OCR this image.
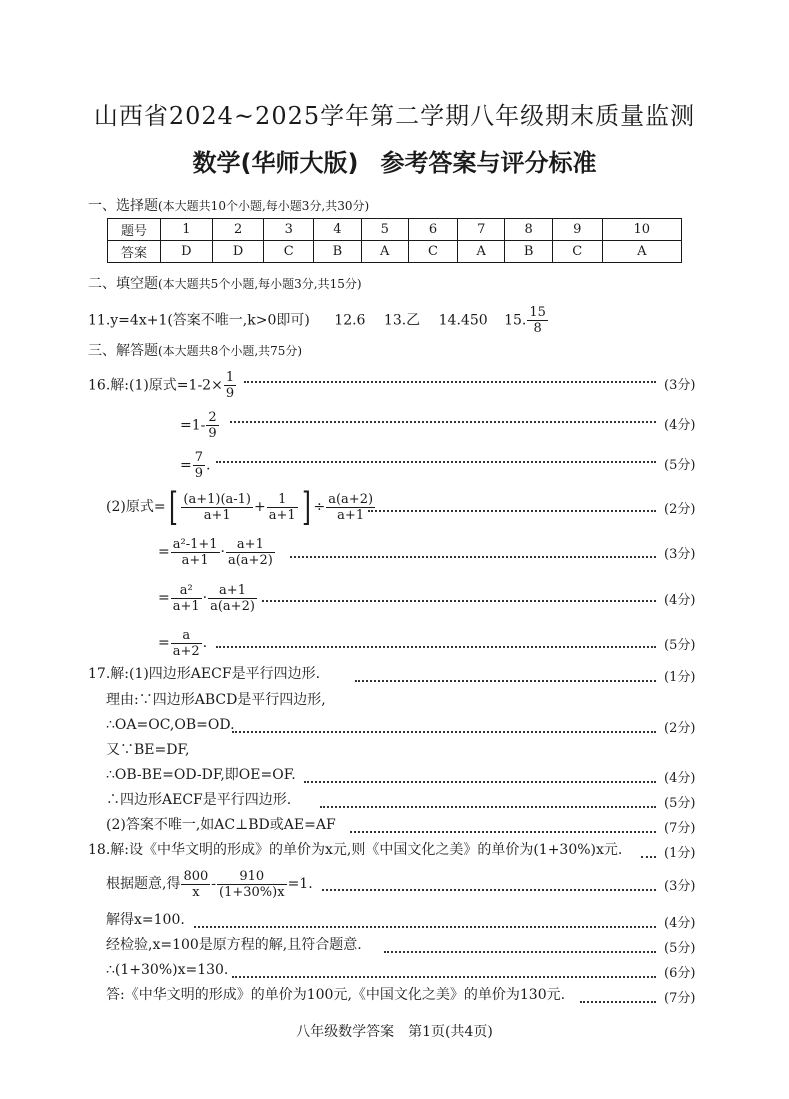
山西省2024~2025学年第二学期八年级期末质量监测
数学(华师大版) 参考答案与评分标准
一、选择题(本大题共10个小题,每小题3分,共30分)
题号	1	2	3	4	5	6	7	8	9	10
答案	D	D	C	B	A	C	A	B	C	A
二、填空题(本大题共5个小题,每小题3分,共15分)
11.y=4x+1(答案不唯一,k>0即可) 12.6 13.乙 14.450 15. $\frac{15}{8}$
三、解答题(本大题共8个小题,共75分)
16.解:(1)原式$=1-2\times \frac{1}{9}$	(3分)
$=1- \frac{2}{9}$	(4分)
= $\frac{7}{9}$ .	(5分)
(2)原式=[ $\frac{(a+1)(a-1)}{a+1} + \frac{1}{a+1}$ ] ÷ $\frac{a(a+2)}{a+1}$	(2分)
= $\frac{\text{a²-1+1}}{a+1} \cdot \frac{a+1}{a(a+2)}$	(3分)
= $\frac{\text{a²}}{a+1} \cdot \frac{a+1}{a(a+2)}$	(4分)
= $\frac{a}{a+2}$ .	(5分)
17.解:(1)四边形AECF是平行四边形.	(1分)
理由:∵四边形ABCD是平行四边形,
∴OA=OC,OB=OD.	(2分)
又∵BE=DF,
∴OB-BE=OD-DF,即OE=OF.	(4分)
∴四边形AECF是平行四边形.	(5分)
(2)答案不唯一,如AC⊥BD或AE=AF	(7分)
18.解:设《中华文明的形成》的单价为x元,则《中国文化之美》的单价为(1+30%)x元.	(1分)
根据题意,得 $\frac{800}{x} - \frac{910}{(1+30\%)x} =1$.	(3分)
解得x=100.	(4分)
经检验,x=100是原方程的解,且符合题意.	(5分)
∴(1+30%)x=130.	(6分)
答:《中华文明的形成》的单价为100元,《中国文化之美》的单价为130元.	(7分)
八年级数学答案　第1页(共4页)
